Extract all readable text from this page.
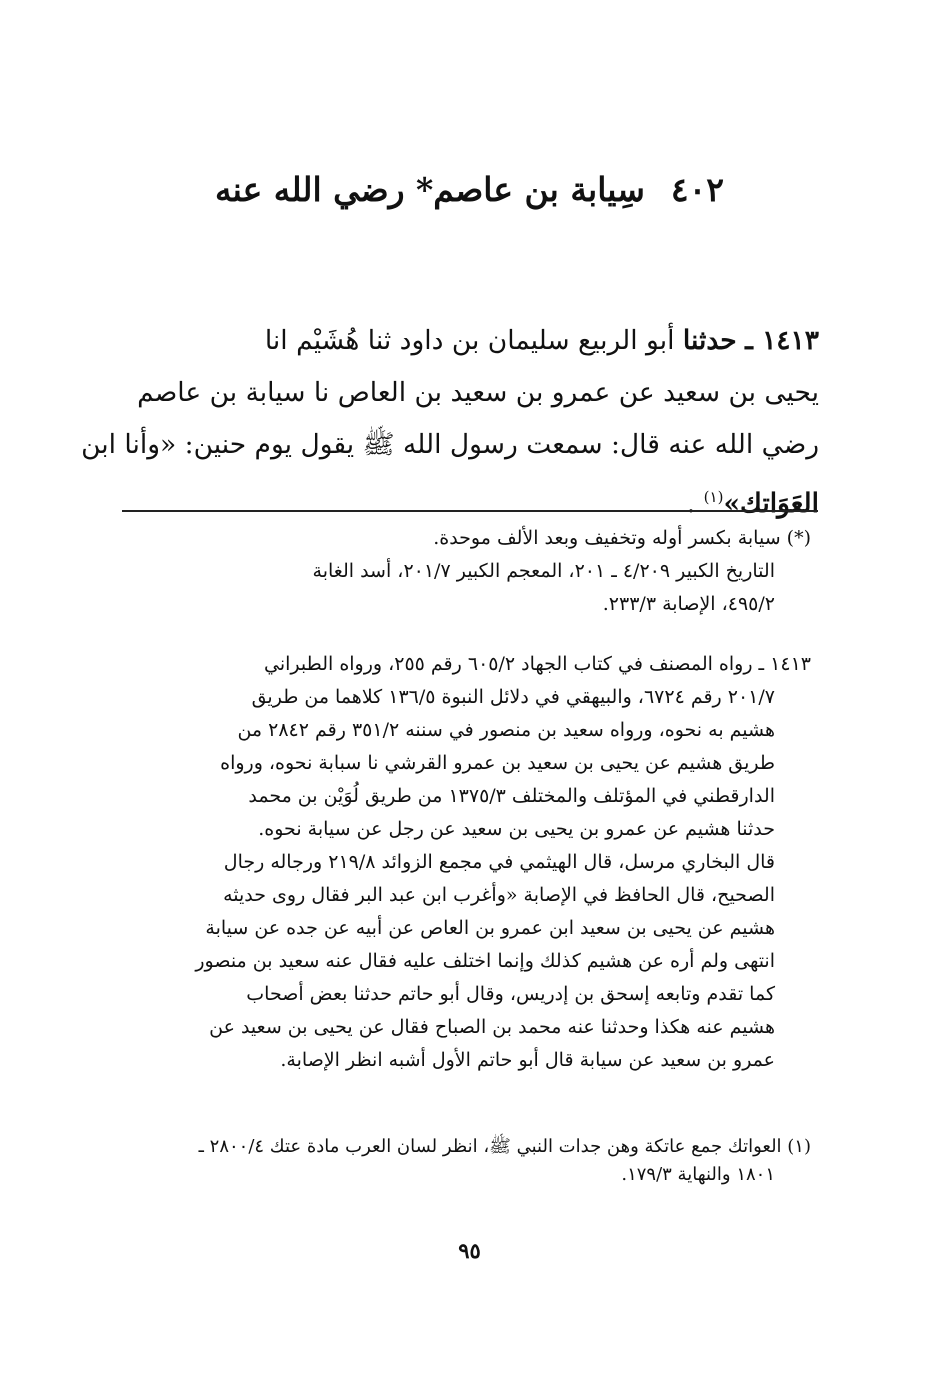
٤٠٢سِيابة بن عاصم* رضي الله عنه

١٤١٣ ـ حدثنا أبو الربيع سليمان بن داود ثنا هُشَيْم انا

يحيى بن سعيد عن عمرو بن سعيد بن العاص نا سيابة بن عاصم

رضي الله عنه قال: سمعت رسول الله ﷺ يقول يوم حنين: «وأنا ابن

العَوَاتك»$^{(١)}$ .

(*) سيابة بكسر أوله وتخفيف وبعد الألف موحدة.

التاريخ الكبير ٤/٢٠٩ ـ ٢٠١، المعجم الكبير ٢٠١/٧، أسد الغابة

٤٩٥/٢، الإصابة ٢٣٣/٣.

١٤١٣ ـ رواه المصنف في كتاب الجهاد ٦٠٥/٢ رقم ٢٥٥، ورواه الطبراني

٢٠١/٧ رقم ٦٧٢٤، والبيهقي في دلائل النبوة ١٣٦/٥ كلاهما من طريق

هشيم به نحوه، ورواه سعيد بن منصور في سننه ٣٥١/٢ رقم ٢٨٤٢ من

طريق هشيم عن يحيى بن سعيد بن عمرو القرشي نا سبابة نحوه، ورواه

الدارقطني في المؤتلف والمختلف ١٣٧٥/٣ من طريق لُوَيْن بن محمد

حدثنا هشيم عن عمرو بن يحيى بن سعيد عن رجل عن سيابة نحوه.

قال البخاري مرسل، قال الهيثمي في مجمع الزوائد ٢١٩/٨ ورجاله رجال

الصحيح، قال الحافظ في الإصابة «وأغرب ابن عبد البر فقال روى حديثه

هشيم عن يحيى بن سعيد ابن عمرو بن العاص عن أبيه عن جده عن سيابة

انتهى ولم أره عن هشيم كذلك وإنما اختلف عليه فقال عنه سعيد بن منصور

كما تقدم وتابعه إسحق بن إدريس، وقال أبو حاتم حدثنا بعض أصحاب

هشيم عنه هكذا وحدثنا عنه محمد بن الصباح فقال عن يحيى بن سعيد عن

عمرو بن سعيد عن سيابة قال أبو حاتم الأول أشبه انظر الإصابة.

(١) العواتك جمع عاتكة وهن جدات النبي ﷺ، انظر لسان العرب مادة عتك ٢٨٠٠/٤ ـ

١٨٠١ والنهاية ١٧٩/٣.

٩٥
